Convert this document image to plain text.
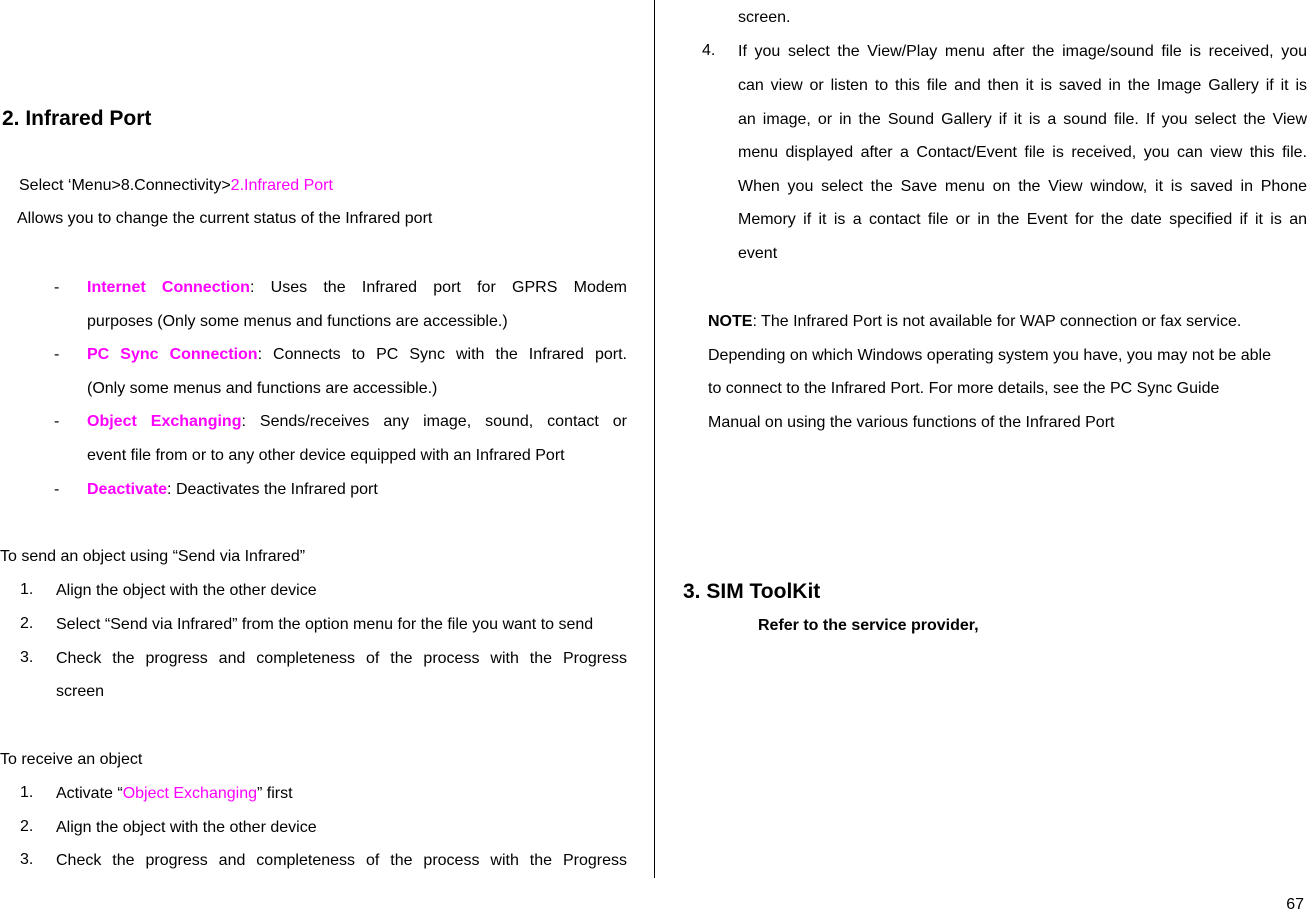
2. Infrared Port
Select ‘Menu>8.Connectivity>2.Infrared Port
Allows you to change the current status of the Infrared port
- Internet Connection: Uses the Infrared port for GPRS Modem
purposes (Only some menus and functions are accessible.)
- PC Sync Connection: Connects to PC Sync with the Infrared port.
(Only some menus and functions are accessible.)
- Object Exchanging: Sends/receives any image, sound, contact or
event file from or to any other device equipped with an Infrared Port
- Deactivate: Deactivates the Infrared port
To send an object using “Send via Infrared”
1.	Align the object with the other device
2.	Select “Send via Infrared” from the option menu for the file you want to send
3.	Check the progress and completeness of the process with the Progress
screen
To receive an object
1.	Activate “Object Exchanging” first
2.	Align the object with the other device
3.	Check the progress and completeness of the process with the Progress
screen.
4.	If you select the View/Play menu after the image/sound file is received, you
can view or listen to this file and then it is saved in the Image Gallery if it is
an image, or in the Sound Gallery if it is a sound file. If you select the View
menu displayed after a Contact/Event file is received, you can view this file.
When you select the Save menu on the View window, it is saved in Phone
Memory if it is a contact file or in the Event for the date specified if it is an
event
NOTE: The Infrared Port is not available for WAP connection or fax service.
Depending on which Windows operating system you have, you may not be able
to connect to the Infrared Port. For more details, see the PC Sync Guide
Manual on using the various functions of the Infrared Port
3. SIM ToolKit
Refer to the service provider,
67
